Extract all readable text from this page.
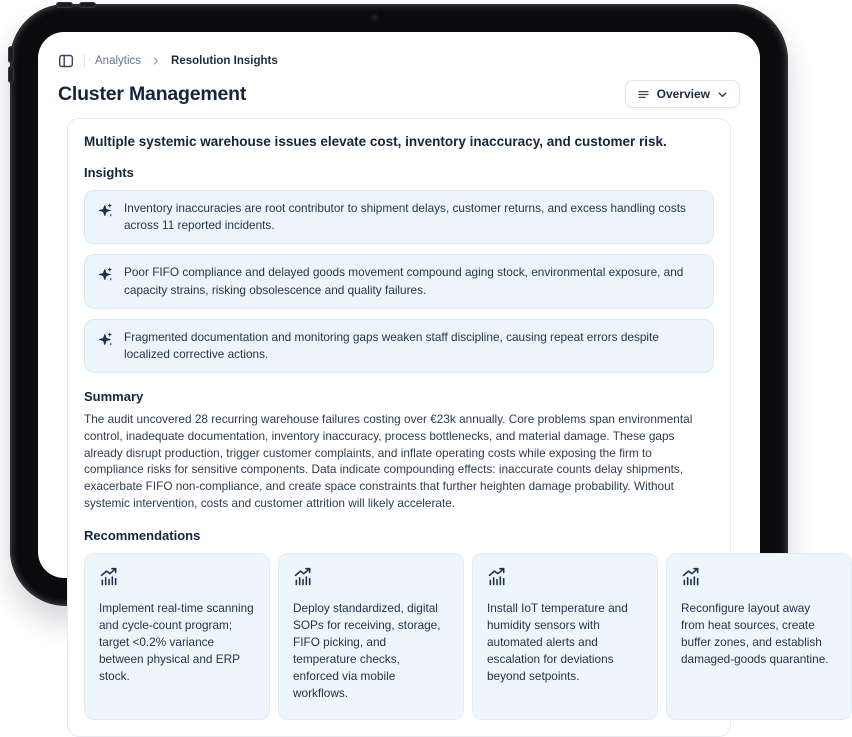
Analytics	Resolution Insights
Cluster Management	Overview
Multiple systemic warehouse issues elevate cost, inventory inaccuracy, and customer risk.
Insights
Inventory inaccuracies are root contributor to shipment delays, customer returns, and excess handling costs across 11 reported incidents.
Poor FIFO compliance and delayed goods movement compound aging stock, environmental exposure, and capacity strains, risking obsolescence and quality failures.
Fragmented documentation and monitoring gaps weaken staff discipline, causing repeat errors despite localized corrective actions.
Summary

The audit uncovered 28 recurring warehouse failures costing over €23k annually. Core problems span environmental control, inadequate documentation, inventory inaccuracy, process bottlenecks, and material damage. These gaps already disrupt production, trigger customer complaints, and inflate operating costs while exposing the firm to compliance risks for sensitive components. Data indicate compounding effects: inaccurate counts delay shipments, exacerbate FIFO non-compliance, and create space constraints that further heighten damage probability. Without systemic intervention, costs and customer attrition will likely accelerate.

Recommendations
Implement real-time scanning and cycle-count program; target <0.2% variance between physical and ERP stock.
Deploy standardized, digital SOPs for receiving, storage, FIFO picking, and temperature checks, enforced via mobile workflows.
Install IoT temperature and humidity sensors with automated alerts and escalation for deviations beyond setpoints.
Reconfigure layout away from heat sources, create buffer zones, and establish damaged-goods quarantine.
